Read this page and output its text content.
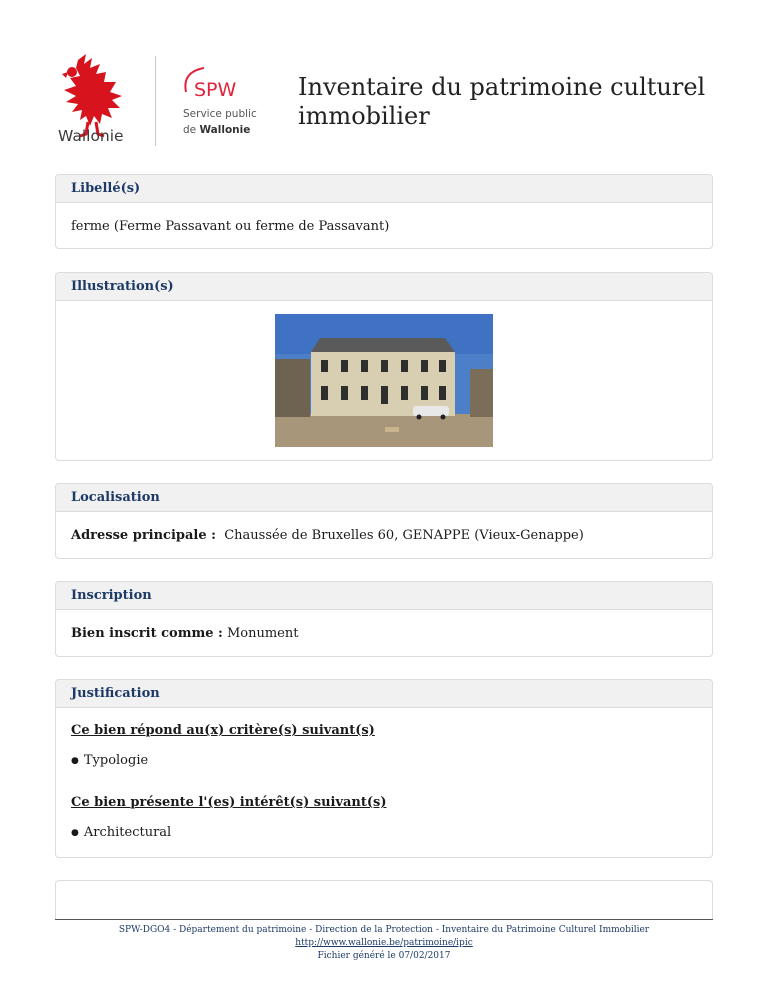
Wallonie
SPW
Service public
de Wallonie
Inventaire du patrimoine culturel immobilier
Libellé(s)
ferme (Ferme Passavant ou ferme de Passavant)
Illustration(s)
Localisation
Adresse principale : Chaussée de Bruxelles 60, GENAPPE (Vieux-Genappe)
Inscription
Bien inscrit comme : Monument
Justification
Ce bien répond au(x) critère(s) suivant(s)
● Typologie
Ce bien présente l'(es) intérêt(s) suivant(s)
● Architectural
SPW-DGO4 - Département du patrimoine - Direction de la Protection - Inventaire du Patrimoine Culturel Immobilier
http://www.wallonie.be/patrimoine/ipic
Fichier généré le 07/02/2017
